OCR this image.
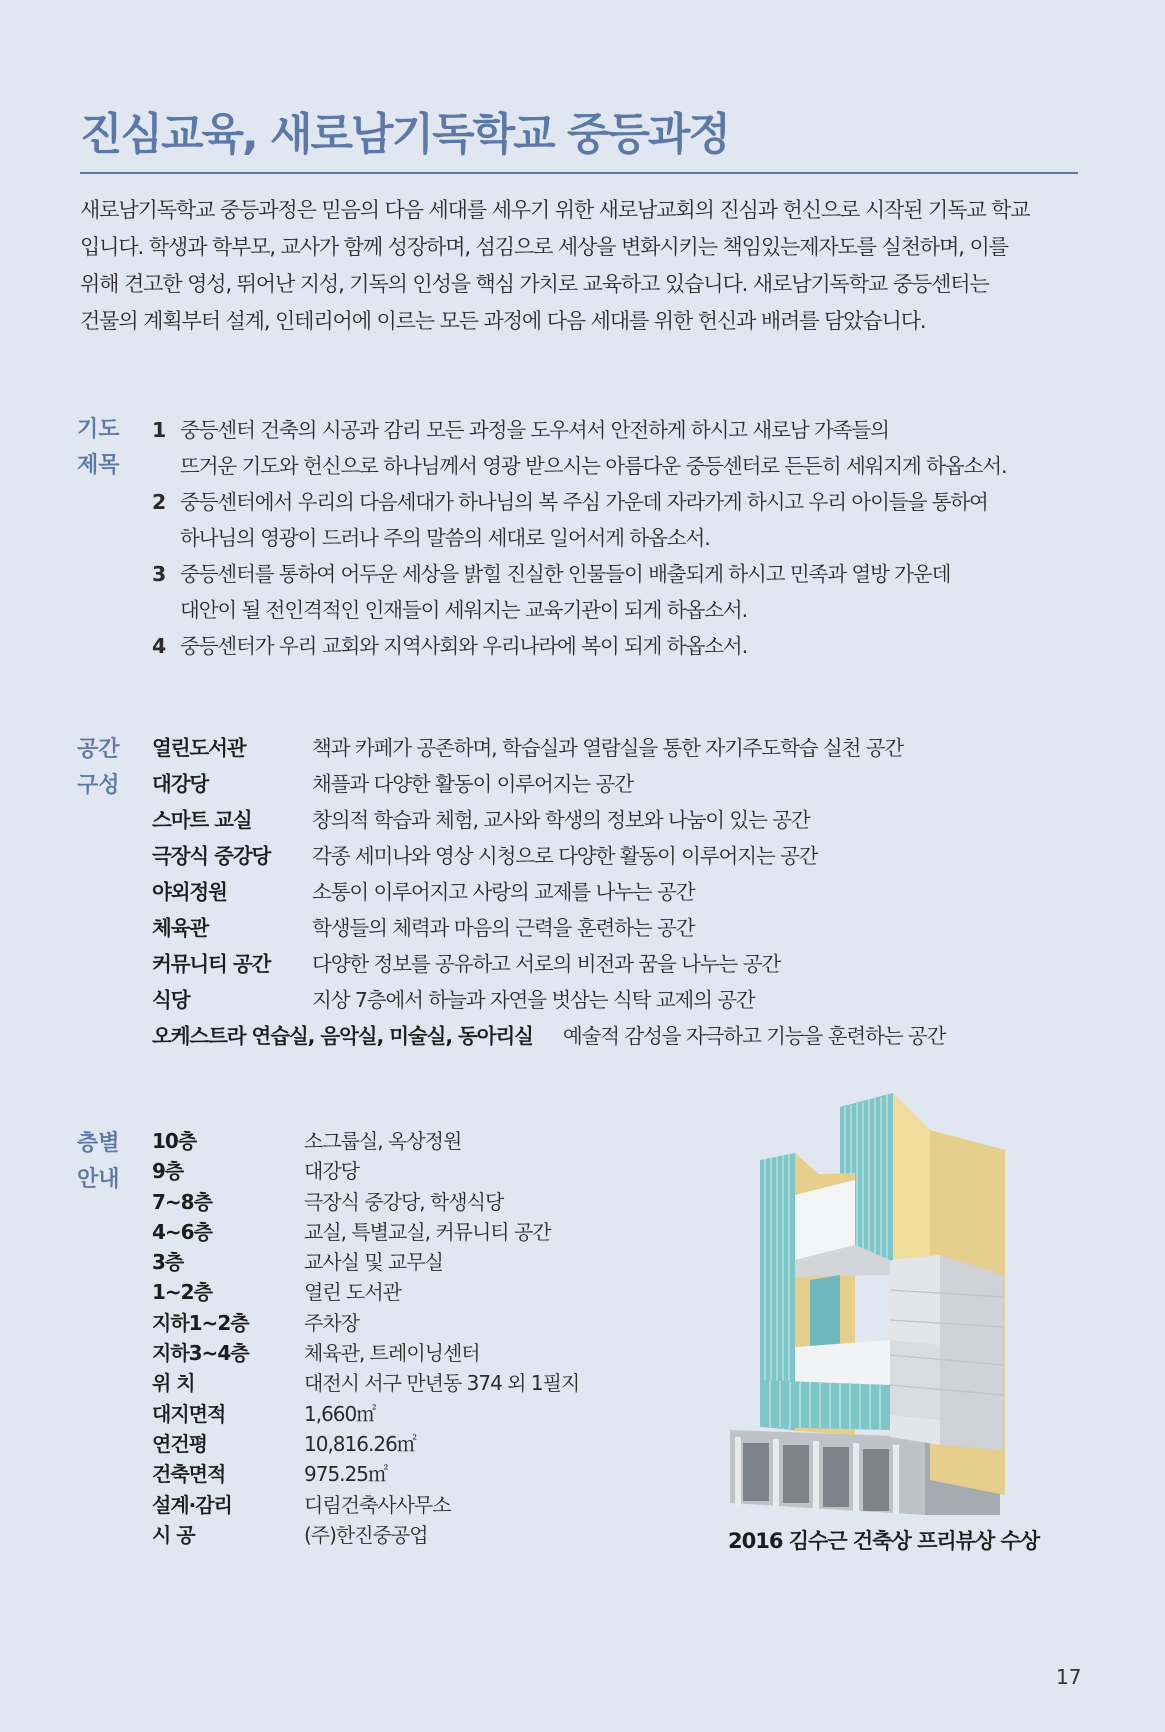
진심교육, 새로남기독학교 중등과정

새로남기독학교 중등과정은 믿음의 다음 세대를 세우기 위한 새로남교회의 진심과 헌신으로 시작된 기독교 학교

입니다. 학생과 학부모, 교사가 함께 성장하며, 섬김으로 세상을 변화시키는 책임있는제자도를 실천하며, 이를

위해 견고한 영성, 뛰어난 지성, 기독의 인성을 핵심 가치로 교육하고 있습니다. 새로남기독학교 중등센터는

건물의 계획부터 설계, 인테리어에 이르는 모든 과정에 다음 세대를 위한 헌신과 배려를 담았습니다.

기도
제목
1 중등센터 건축의 시공과 감리 모든 과정을 도우셔서 안전하게 하시고 새로남 가족들의
뜨거운 기도와 헌신으로 하나님께서 영광 받으시는 아름다운 중등센터로 든든히 세워지게 하옵소서.
2 중등센터에서 우리의 다음세대가 하나님의 복 주심 가운데 자라가게 하시고 우리 아이들을 통하여
하나님의 영광이 드러나 주의 말씀의 세대로 일어서게 하옵소서.
3 중등센터를 통하여 어두운 세상을 밝힐 진실한 인물들이 배출되게 하시고 민족과 열방 가운데
대안이 될 전인격적인 인재들이 세워지는 교육기관이 되게 하옵소서.
4 중등센터가 우리 교회와 지역사회와 우리나라에 복이 되게 하옵소서.
공간
구성
열린도서관	책과 카페가 공존하며, 학습실과 열람실을 통한 자기주도학습 실천 공간
대강당	채플과 다양한 활동이 이루어지는 공간
스마트 교실	창의적 학습과 체험, 교사와 학생의 정보와 나눔이 있는 공간
극장식 중강당	각종 세미나와 영상 시청으로 다양한 활동이 이루어지는 공간
야외정원	소통이 이루어지고 사랑의 교제를 나누는 공간
체육관	학생들의 체력과 마음의 근력을 훈련하는 공간
커뮤니티 공간	다양한 정보를 공유하고 서로의 비전과 꿈을 나누는 공간
식당	지상 7층에서 하늘과 자연을 벗삼는 식탁 교제의 공간
오케스트라 연습실, 음악실, 미술실, 동아리실 예술적 감성을 자극하고 기능을 훈련하는 공간
층별
안내
10층	소그룹실, 옥상정원
9층	대강당
7~8층	극장식 중강당, 학생식당
4~6층	교실, 특별교실, 커뮤니티 공간
3층	교사실 및 교무실
1~2층	열린 도서관
지하1~2층	주차장
지하3~4층	체육관, 트레이닝센터
위 치	대전시 서구 만년동 374 외 1필지
대지면적	1,660㎡
연건평	10,816.26㎡
건축면적	975.25㎡
설계·감리	디림건축사사무소
시 공	(주)한진중공업	2016 김수근 건축상 프리뷰상 수상
17
